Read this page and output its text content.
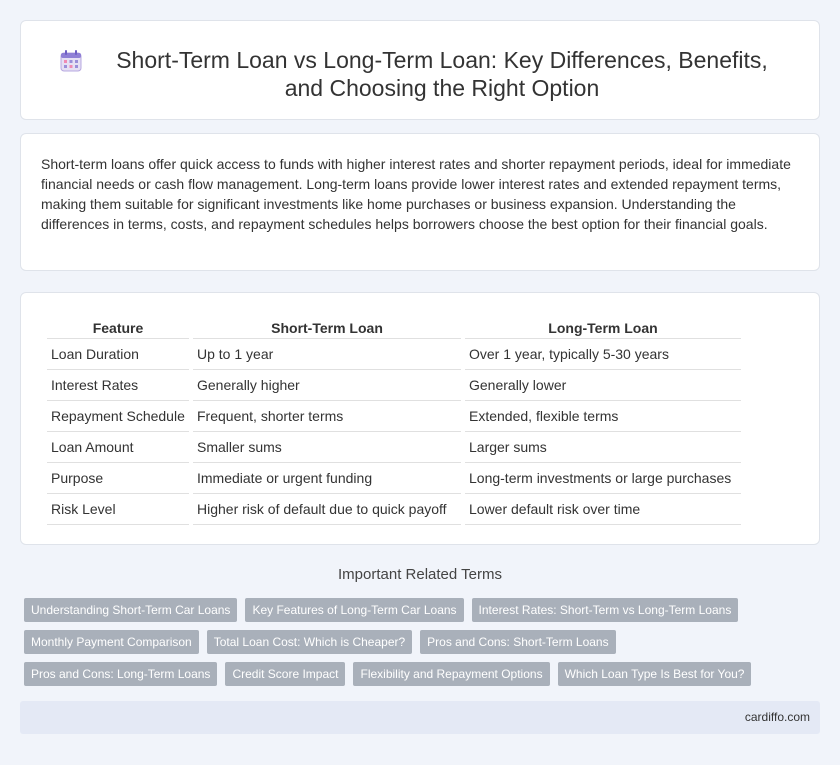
Short-Term Loan vs Long-Term Loan: Key Differences, Benefits, and Choosing the Right Option

Short-term loans offer quick access to funds with higher interest rates and shorter repayment periods, ideal for immediate financial needs or cash flow management. Long-term loans provide lower interest rates and extended repayment terms, making them suitable for significant investments like home purchases or business expansion. Understanding the differences in terms, costs, and repayment schedules helps borrowers choose the best option for their financial goals.

Feature	Short-Term Loan	Long-Term Loan
Loan Duration	Up to 1 year	Over 1 year, typically 5-30 years
Interest Rates	Generally higher	Generally lower
Repayment Schedule	Frequent, shorter terms	Extended, flexible terms
Loan Amount	Smaller sums	Larger sums
Purpose	Immediate or urgent funding	Long-term investments or large purchases
Risk Level	Higher risk of default due to quick payoff	Lower default risk over time
Important Related Terms
Understanding Short-Term Car Loans	Key Features of Long-Term Car Loans	Interest Rates: Short-Term vs Long-Term Loans
Monthly Payment Comparison	Total Loan Cost: Which is Cheaper?	Pros and Cons: Short-Term Loans
Pros and Cons: Long-Term Loans	Credit Score Impact	Flexibility and Repayment Options	Which Loan Type Is Best for You?
cardiffo.com
